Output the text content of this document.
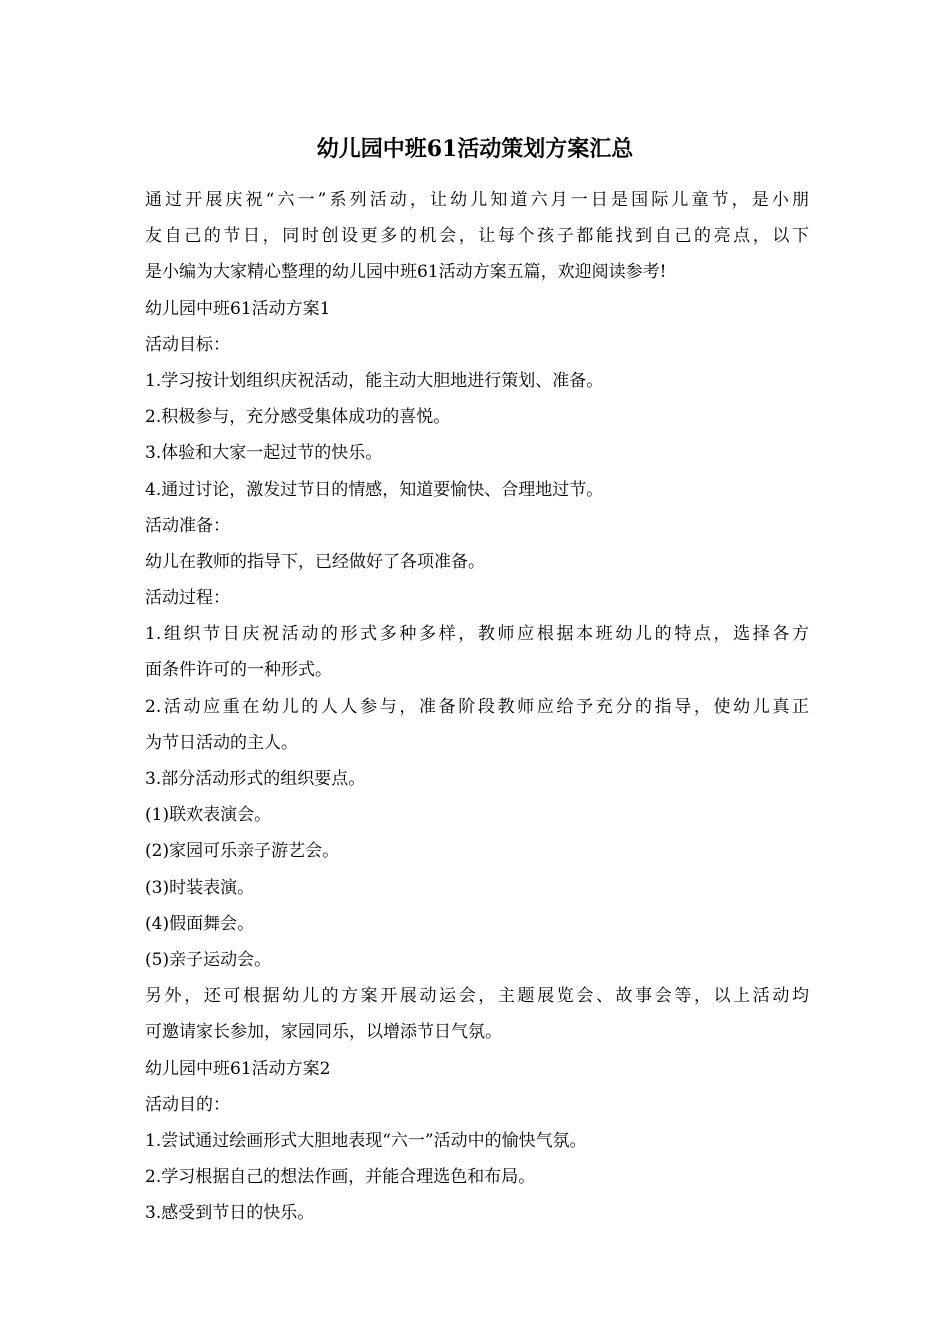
幼儿园中班61活动策划方案汇总

通过开展庆祝“六一”系列活动，让幼儿知道六月一日是国际儿童节，是小朋

友自己的节日，同时创设更多的机会，让每个孩子都能找到自己的亮点，以下

是小编为大家精心整理的幼儿园中班61活动方案五篇，欢迎阅读参考!

幼儿园中班61活动方案1

活动目标：

1.学习按计划组织庆祝活动，能主动大胆地进行策划、准备。

2.积极参与，充分感受集体成功的喜悦。

3.体验和大家一起过节的快乐。

4.通过讨论，激发过节日的情感，知道要愉快、合理地过节。

活动准备：

幼儿在教师的指导下，已经做好了各项准备。

活动过程：

1.组织节日庆祝活动的形式多种多样，教师应根据本班幼儿的特点，选择各方

面条件许可的一种形式。

2.活动应重在幼儿的人人参与，准备阶段教师应给予充分的指导，使幼儿真正

为节日活动的主人。

3.部分活动形式的组织要点。

(1)联欢表演会。

(2)家园可乐亲子游艺会。

(3)时装表演。

(4)假面舞会。

(5)亲子运动会。

另外，还可根据幼儿的方案开展动运会，主题展览会、故事会等，以上活动均

可邀请家长参加，家园同乐，以增添节日气氛。

幼儿园中班61活动方案2

活动目的：

1.尝试通过绘画形式大胆地表现“六一”活动中的愉快气氛。

2.学习根据自己的想法作画，并能合理选色和布局。

3.感受到节日的快乐。
